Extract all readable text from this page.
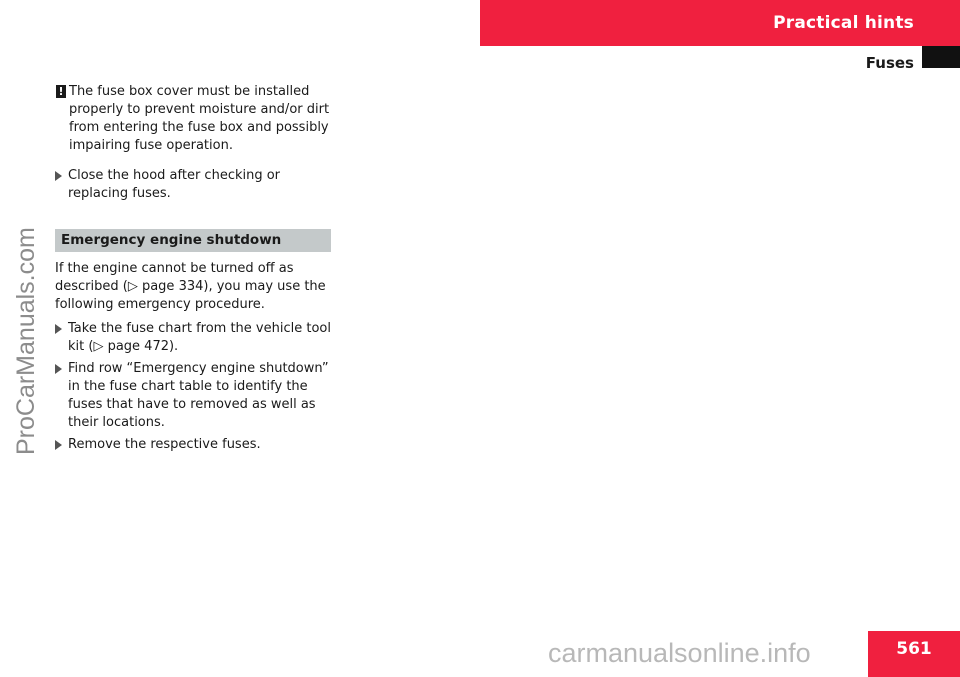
Practical hints
Fuses
ProCarManuals.com
! The fuse box cover must be installed properly to prevent moisture and/or dirt from entering the fuse box and possibly impairing fuse operation.
Close the hood after checking or replacing fuses.
Emergency engine shutdown
If the engine cannot be turned off as described (▷ page 334), you may use the following emergency procedure.
Take the fuse chart from the vehicle tool kit (▷ page 472).
Find row “Emergency engine shutdown” in the fuse chart table to identify the fuses that have to removed as well as their locations.
Remove the respective fuses.
561
carmanualsonline.info
